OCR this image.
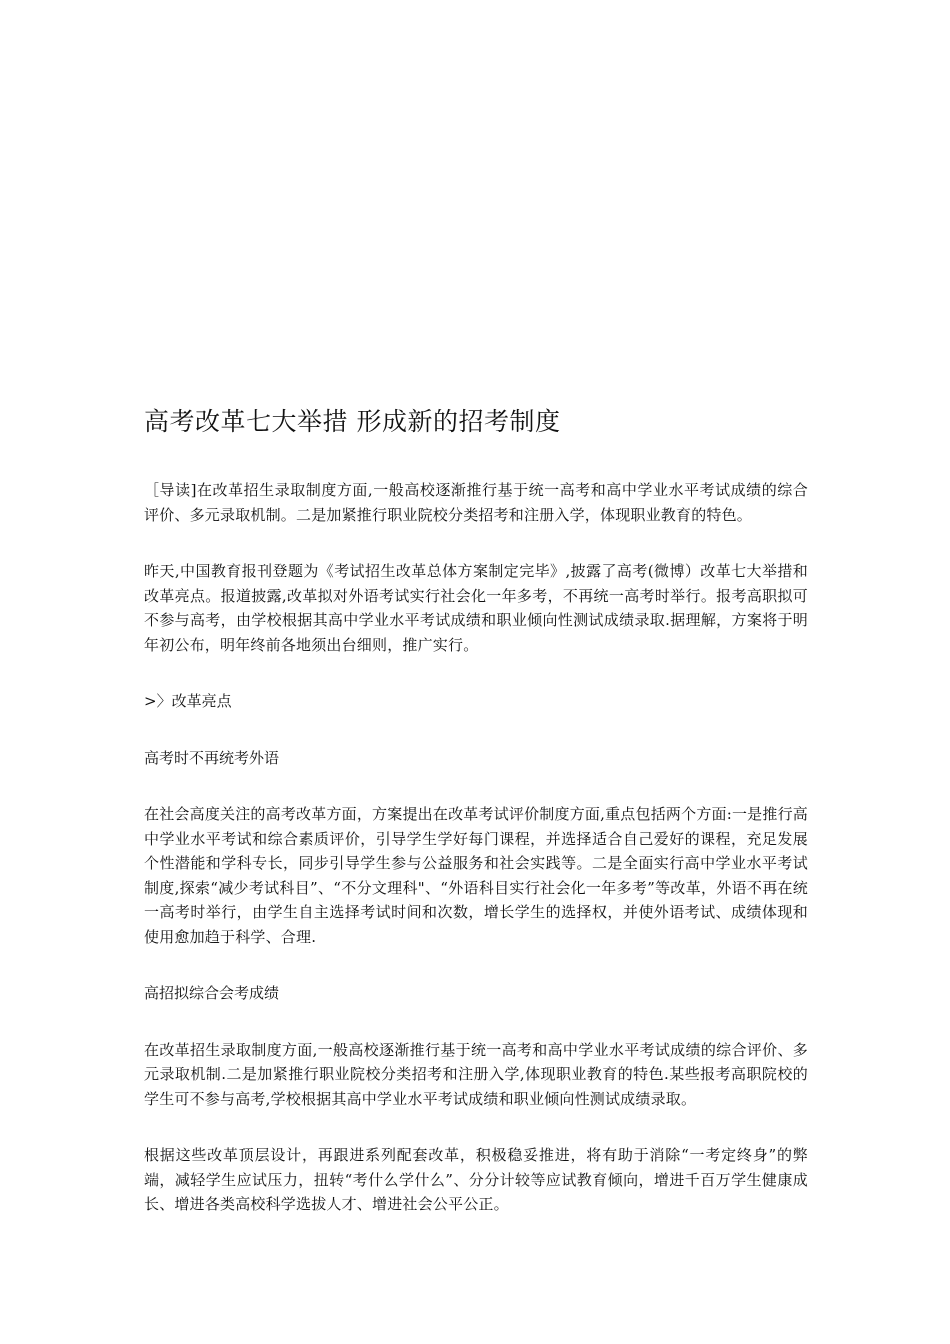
高考改革七大举措 形成新的招考制度

［导读]在改革招生录取制度方面,一般高校逐渐推行基于统一高考和高中学业水平考试成绩的综合评价、多元录取机制。二是加紧推行职业院校分类招考和注册入学，体现职业教育的特色。

昨天,中国教育报刊登题为《考试招生改革总体方案制定完毕》,披露了高考(微博）改革七大举措和改革亮点。报道披露,改革拟对外语考试实行社会化一年多考，不再统一高考时举行。报考高职拟可不参与高考，由学校根据其高中学业水平考试成绩和职业倾向性测试成绩录取.据理解，方案将于明年初公布，明年终前各地须出台细则，推广实行。

>〉改革亮点

高考时不再统考外语

在社会高度关注的高考改革方面，方案提出在改革考试评价制度方面,重点包括两个方面:一是推行高中学业水平考试和综合素质评价，引导学生学好每门课程，并选择适合自己爱好的课程，充足发展个性潜能和学科专长，同步引导学生参与公益服务和社会实践等。二是全面实行高中学业水平考试制度,探索“减少考试科目”、“不分文理科"、“外语科目实行社会化一年多考”等改革，外语不再在统一高考时举行，由学生自主选择考试时间和次数，增长学生的选择权，并使外语考试、成绩体现和使用愈加趋于科学、合理.

高招拟综合会考成绩

在改革招生录取制度方面,一般高校逐渐推行基于统一高考和高中学业水平考试成绩的综合评价、多元录取机制.二是加紧推行职业院校分类招考和注册入学,体现职业教育的特色.某些报考高职院校的学生可不参与高考,学校根据其高中学业水平考试成绩和职业倾向性测试成绩录取。

根据这些改革顶层设计，再跟进系列配套改革，积极稳妥推进，将有助于消除“一考定终身”的弊端，减轻学生应试压力，扭转“考什么学什么”、分分计较等应试教育倾向，增进千百万学生健康成长、增进各类高校科学选拔人才、增进社会公平公正。
